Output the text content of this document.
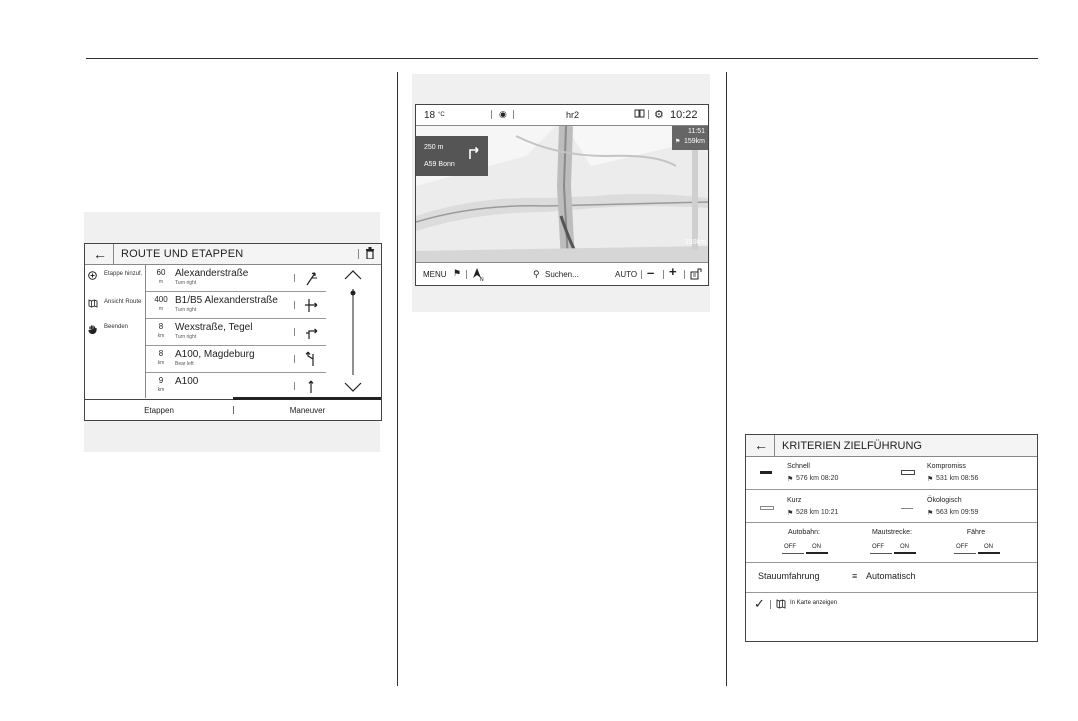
← ROUTE UND ETAPPEN
Etappe hinzuf.
Ansicht Route
Beenden
60
m
Alexanderstraße
Turn right
400
m
B1/B5 Alexanderstraße
Turn right
8
km
Wexstraße, Tegel
Turn right
8
km
A100, Magdeburg
Bear left
9
km
A100
Etappen	Maneuver
18 °C	◉	hr2	⚙ 10:22
250 m
A59 Bonn
11:51
⚑ 159km
159km
MENU ⚑
N
⚲ Suchen...	AUTO – +
← KRITERIEN ZIELFÜHRUNG
Schnell
⚑ 576 km 08:20
Kompromiss
⚑ 531 km 08:56
Kurz
⚑ 528 km 10:21
Ökologisch
⚑ 563 km 09:59
Autobahn:
OFF	ON
Mautstrecke:
OFF	ON
Fähre
OFF	ON
Stauumfahrung	≡ Automatisch
✓	In Karte anzeigen
